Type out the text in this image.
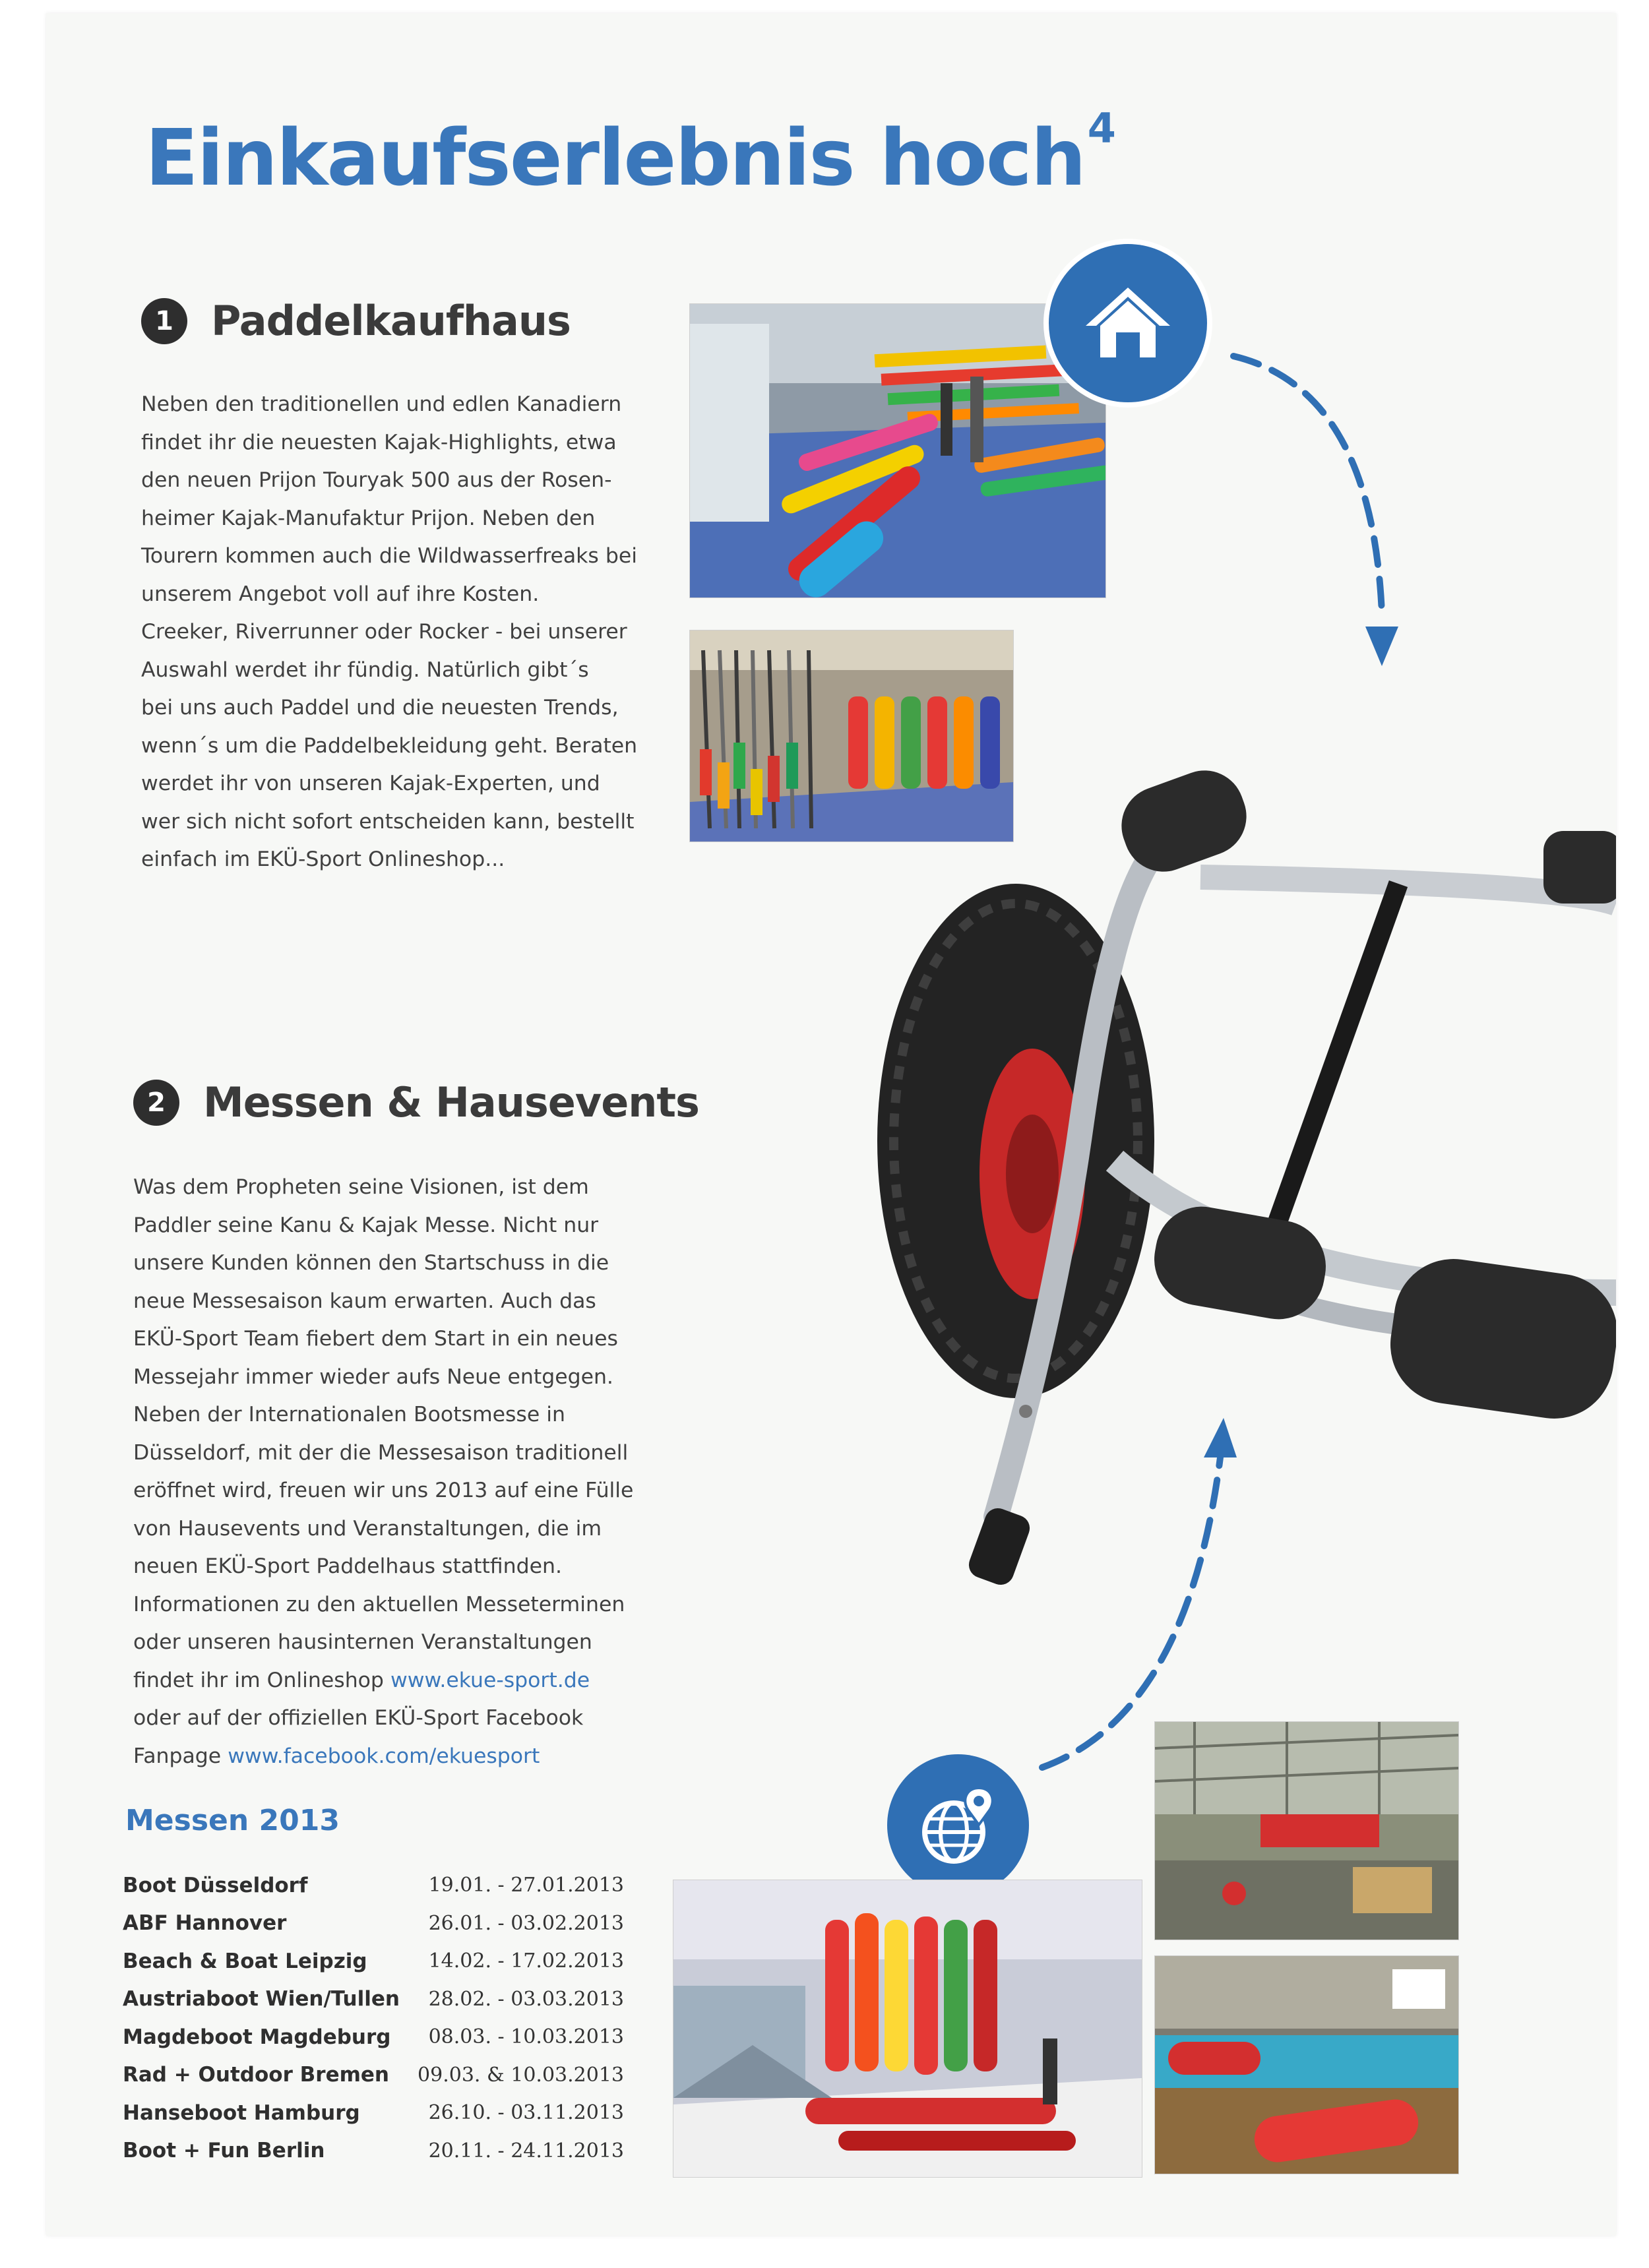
Einkaufserlebnis hoch$^4$
1 Paddelkaufhaus

Neben den traditionellen und edlen Kanadiern
findet ihr die neuesten Kajak-Highlights, etwa
den neuen Prijon Touryak 500 aus der Rosen-
heimer Kajak-Manufaktur Prijon. Neben den
Tourern kommen auch die Wildwasserfreaks bei
unserem Angebot voll auf ihre Kosten.
Creeker, Riverrunner oder Rocker - bei unserer
Auswahl werdet ihr fündig. Natürlich gibt´s
bei uns auch Paddel und die neuesten Trends,
wenn´s um die Paddelbekleidung geht. Beraten
werdet ihr von unseren Kajak-Experten, und
wer sich nicht sofort entscheiden kann, bestellt
einfach im EKÜ-Sport Onlineshop...

2 Messen & Hausevents

Was dem Propheten seine Visionen, ist dem
Paddler seine Kanu & Kajak Messe. Nicht nur
unsere Kunden können den Startschuss in die
neue Messesaison kaum erwarten. Auch das
EKÜ-Sport Team fiebert dem Start in ein neues
Messejahr immer wieder aufs Neue entgegen.
Neben der Internationalen Bootsmesse in
Düsseldorf, mit der die Messesaison traditionell
eröffnet wird, freuen wir uns 2013 auf eine Fülle
von Hausevents und Veranstaltungen, die im
neuen EKÜ-Sport Paddelhaus stattfinden.
Informationen zu den aktuellen Messeterminen
oder unseren hausinternen Veranstaltungen
findet ihr im Onlineshop www.ekue-sport.de
oder auf der offiziellen EKÜ-Sport Facebook
Fanpage www.facebook.com/ekuesport

Messen 2013
Boot Düsseldorf	19.01. - 27.01.2013
ABF Hannover	26.01. - 03.02.2013
Beach & Boat Leipzig	14.02. - 17.02.2013
Austriaboot Wien/Tullen 28.02. - 03.03.2013
Magdeboot Magdeburg 08.03. - 10.03.2013
Rad + Outdoor Bremen 09.03. & 10.03.2013
Hanseboot Hamburg	26.10. - 03.11.2013
Boot + Fun Berlin	20.11. - 24.11.2013
